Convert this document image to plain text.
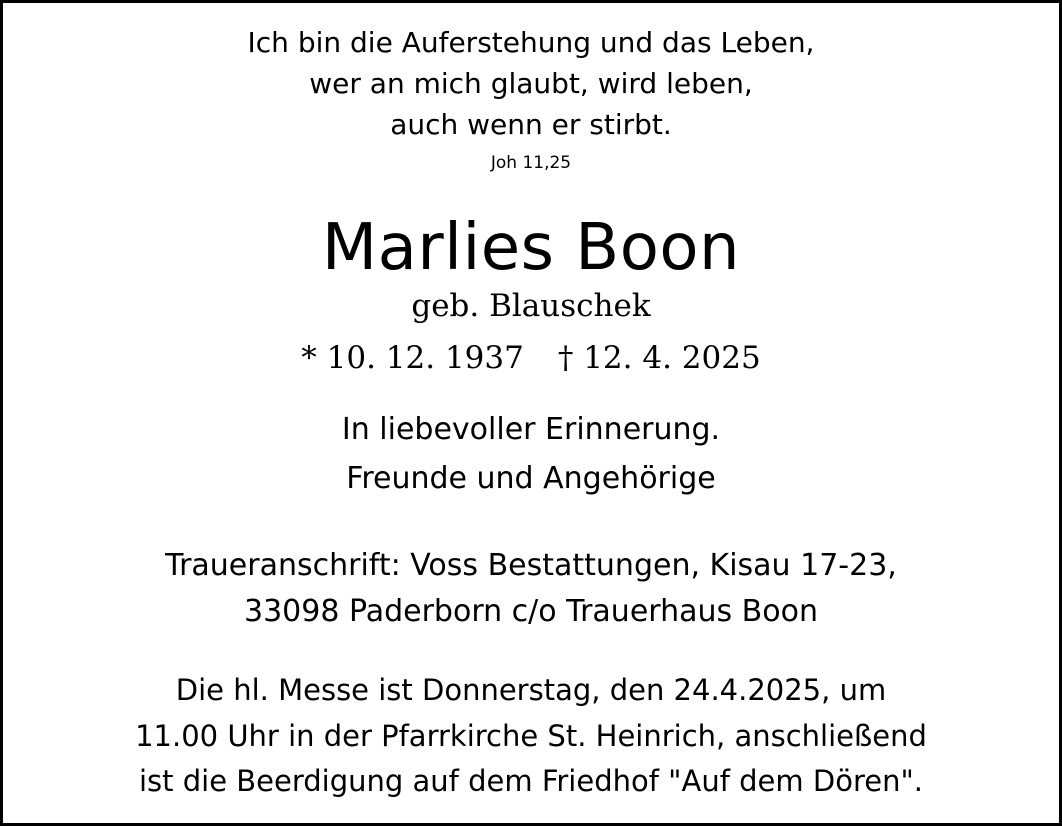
Ich bin die Auferstehung und das Leben,
wer an mich glaubt, wird leben,
auch wenn er stirbt.
Joh 11,25
Marlies Boon
geb. Blauschek
* 10. 12. 1937 † 12. 4. 2025
In liebevoller Erinnerung.
Freunde und Angehörige
Traueranschrift: Voss Bestattungen, Kisau 17-23,
33098 Paderborn c/o Trauerhaus Boon
Die hl. Messe ist Donnerstag, den 24.4.2025, um
11.00 Uhr in der Pfarrkirche St. Heinrich, anschließend
ist die Beerdigung auf dem Friedhof "Auf dem Dören".
